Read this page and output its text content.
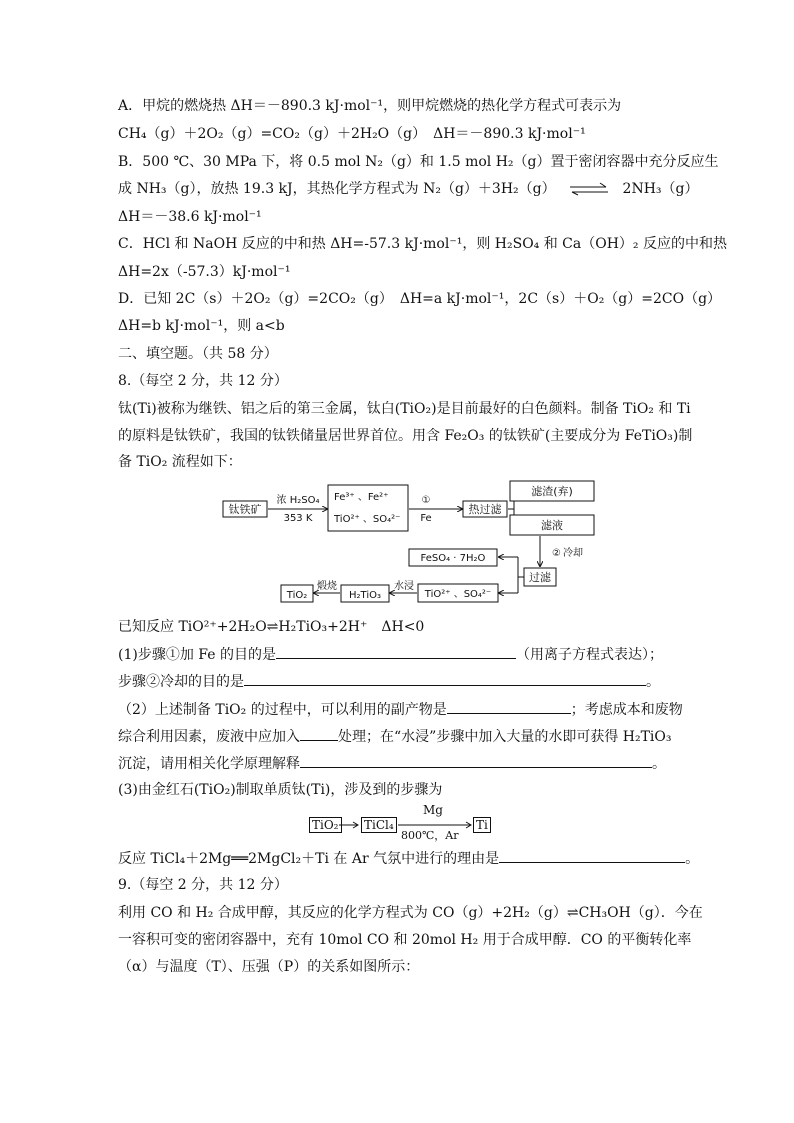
A．甲烷的燃烧热 ΔH＝－890.3 kJ·mol⁻¹，则甲烷燃烧的热化学方程式可表示为
CH₄（g）＋2O₂（g）=CO₂（g）＋2H₂O（g）　ΔH＝－890.3 kJ·mol⁻¹
B．500 ℃、30 MPa 下，将 0.5 mol N₂（g）和 1.5 mol H₂（g）置于密闭容器中充分反应生
成 NH₃（g），放热 19.3 kJ，其热化学方程式为 N₂（g）＋3H₂（g） ⇌ 2NH₃（g）
ΔH＝－38.6 kJ·mol⁻¹
C．HCl 和 NaOH 反应的中和热 ΔH=-57.3 kJ·mol⁻¹，则 H₂SO₄ 和 Ca（OH）₂ 反应的中和热
ΔH=2x（-57.3）kJ·mol⁻¹
D．已知 2C（s）＋2O₂（g）=2CO₂（g）　ΔH=a kJ·mol⁻¹，2C（s）＋O₂（g）=2CO（g）
ΔH=b kJ·mol⁻¹，则 a<b
二、填空题。（共 58 分）
8.（每空 2 分，共 12 分）
钛(Ti)被称为继铁、铝之后的第三金属，钛白(TiO₂)是目前最好的白色颜料。制备 TiO₂ 和 Ti
的原料是钛铁矿，我国的钛铁储量居世界首位。用含 Fe₂O₃ 的钛铁矿(主要成分为 FeTiO₃)制
备 TiO₂ 流程如下：
钛铁矿
浓 H₂SO₄
353 K
Fe³⁺ 、Fe²⁺
TiO²⁺ 、SO₄²⁻
①
Fe
热过滤
滤渣(弃)
滤液
② 冷却
过滤
FeSO₄ · 7H₂O
TiO²⁺ 、SO₄²⁻
水浸
H₂TiO₃
煅烧
TiO₂
已知反应 TiO²⁺+2H₂O⇌H₂TiO₃+2H⁺　ΔH<0
(1)步骤①加 Fe 的目的是	（用离子方程式表达）；
步骤②冷却的目的是	。
（2）上述制备 TiO₂ 的过程中，可以利用的副产物是	；考虑成本和废物
综合利用因素，废液中应加入	处理；在“水浸”步骤中加入大量的水即可获得 H₂TiO₃
沉淀，请用相关化学原理解释	。
(3)由金红石(TiO₂)制取单质钛(Ti)，涉及到的步骤为
TiO₂ TiCl₄
Mg
800℃，Ar
Ti
反应 TiCl₄＋2Mg══2MgCl₂＋Ti 在 Ar 气氛中进行的理由是	。
9.（每空 2 分，共 12 分）
利用 CO 和 H₂ 合成甲醇，其反应的化学方程式为 CO（g）+2H₂（g）⇌CH₃OH（g）．今在
一容积可变的密闭容器中，充有 10mol CO 和 20mol H₂ 用于合成甲醇．CO 的平衡转化率
（α）与温度（T）、压强（P）的关系如图所示：
